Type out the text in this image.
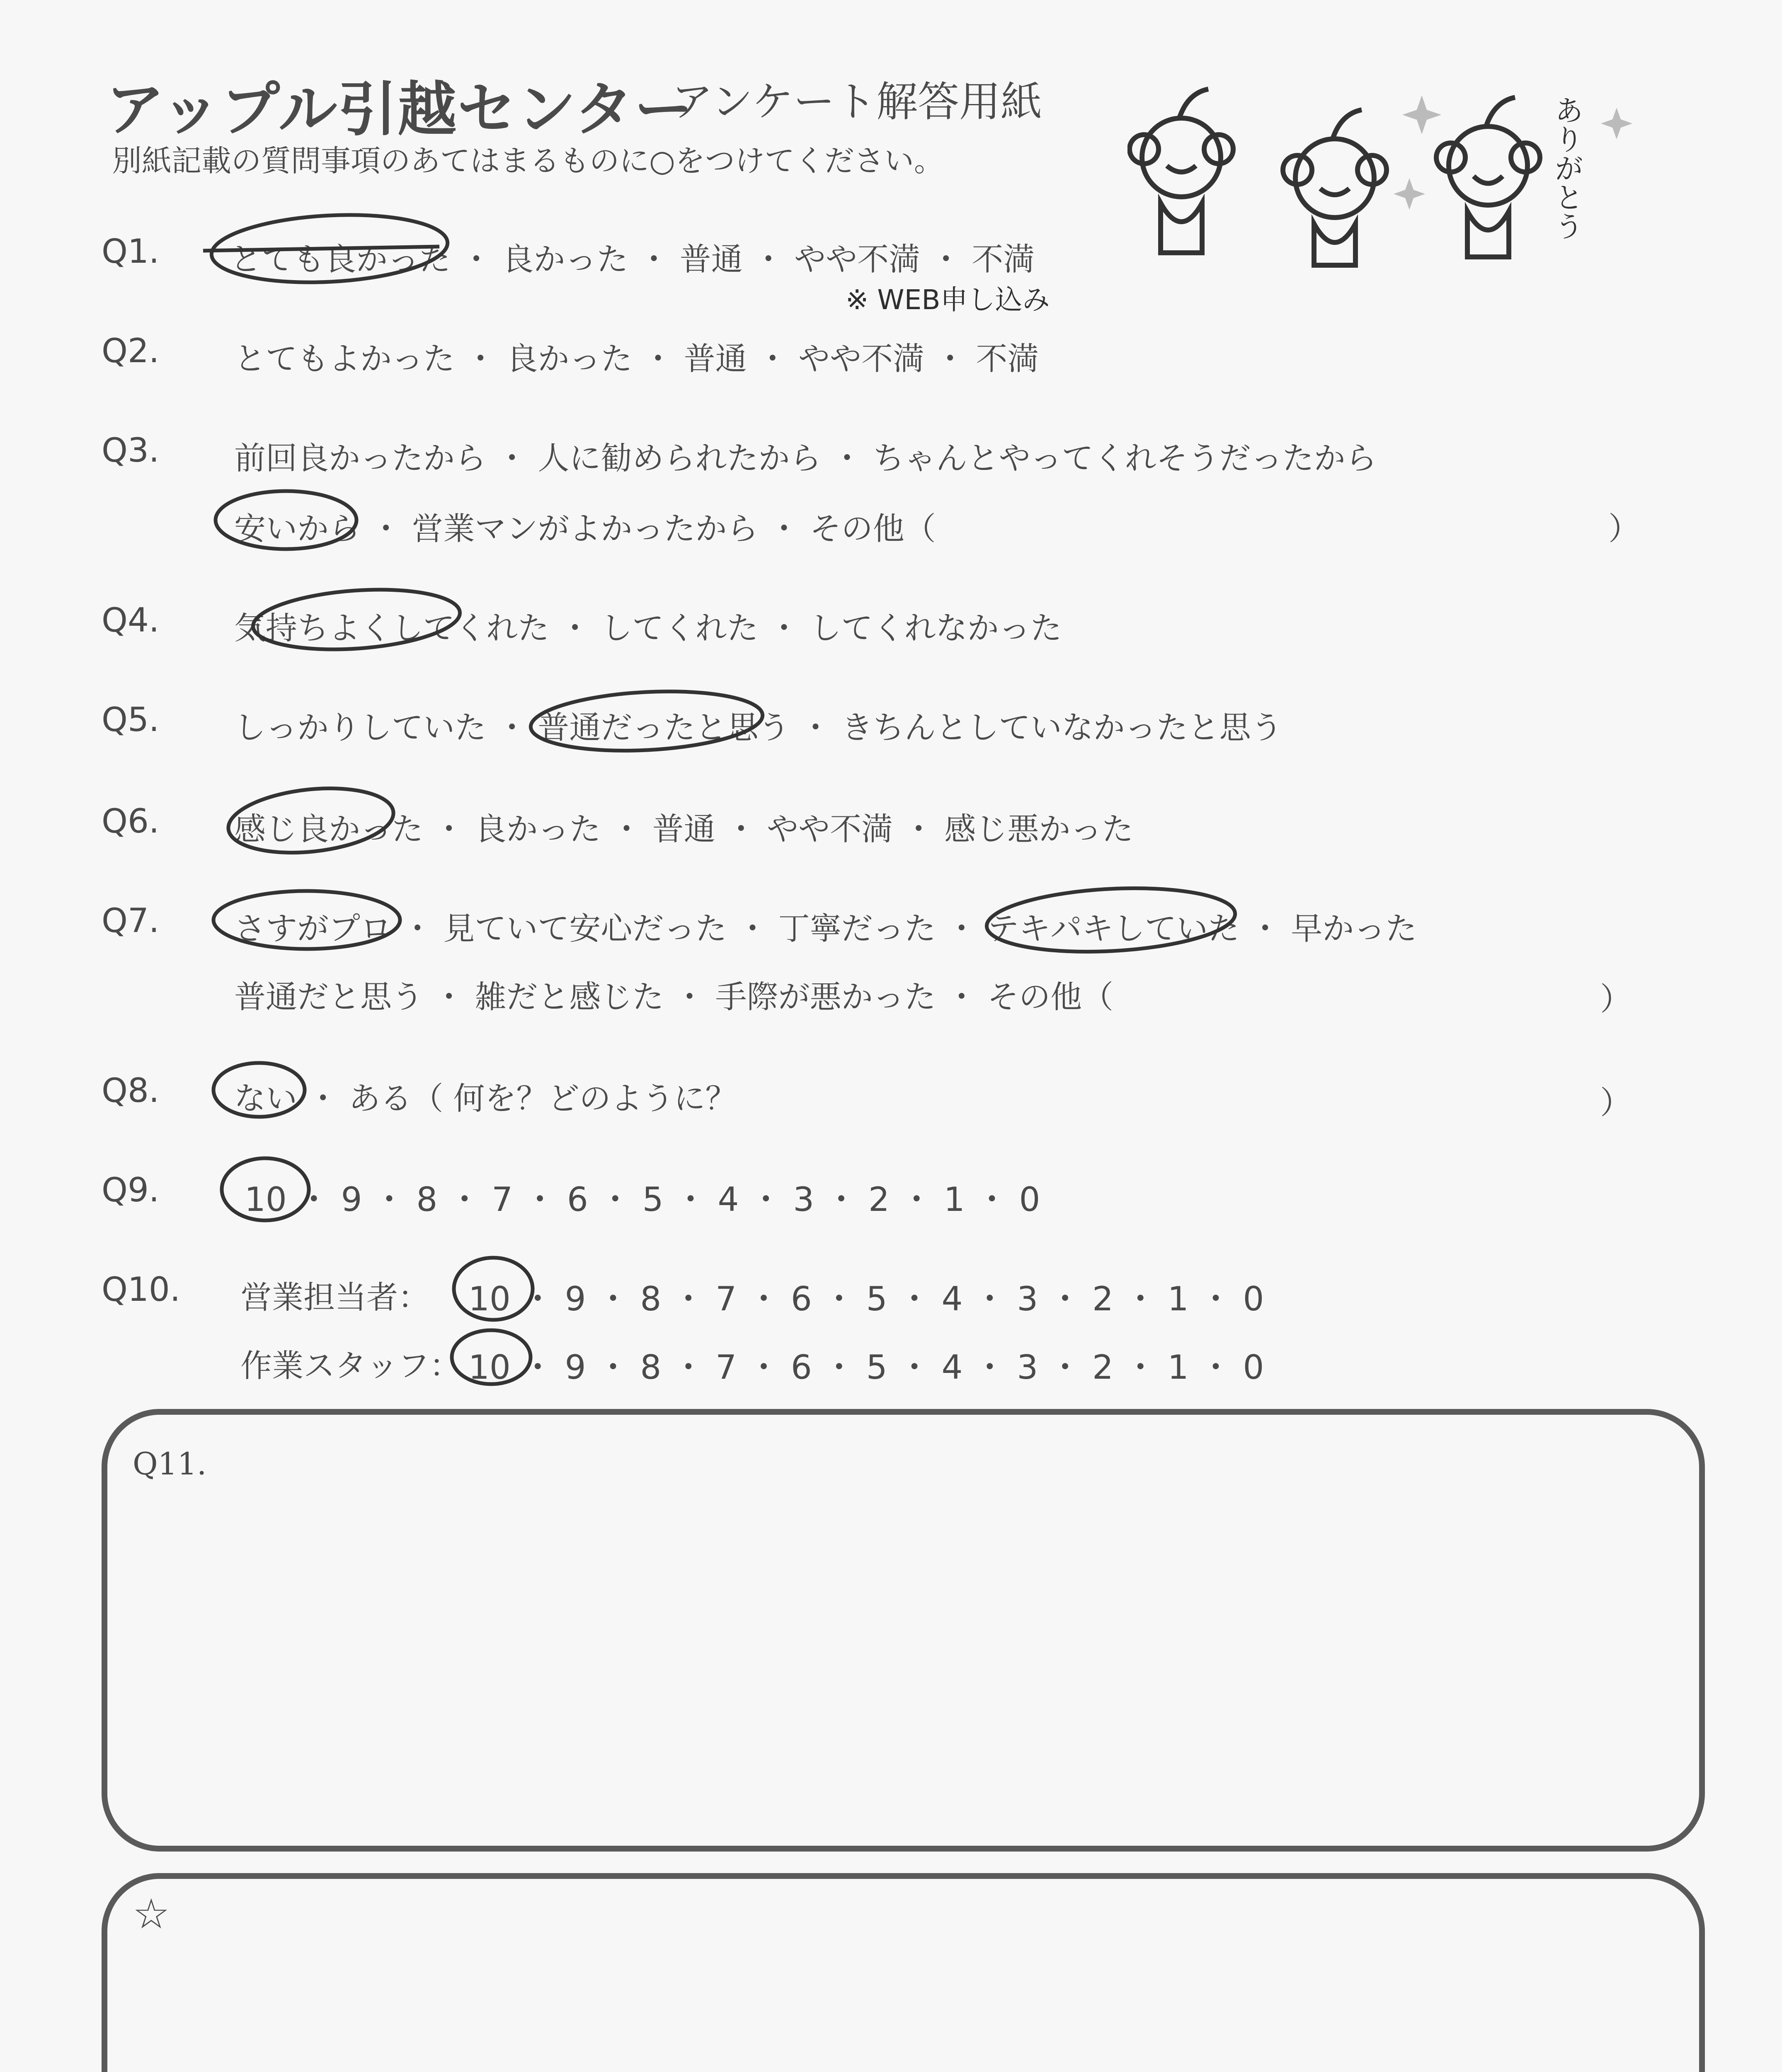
アップル引越センター
アンケート解答用紙
別紙記載の質問事項のあてはまるものに○をつけてください。	ありがとう
Q1. とても良かった ・ 良かった ・ 普通 ・ やや不満 ・ 不満
※ WEB申し込み
Q2. とてもよかった ・ 良かった ・ 普通 ・ やや不満 ・ 不満
Q3. 前回良かったから ・ 人に勧められたから ・ ちゃんとやってくれそうだったから
安いから ・ 営業マンがよかったから ・ その他（	）
Q4. 気持ちよくしてくれた ・ してくれた ・ してくれなかった
Q5. しっかりしていた ・ 普通だったと思う ・ きちんとしていなかったと思う
Q6. 感じ良かった ・ 良かった ・ 普通 ・ やや不満 ・ 感じ悪かった
Q7. さすがプロ ・ 見ていて安心だった ・ 丁寧だった ・ テキパキしていた ・ 早かった
普通だと思う ・ 雑だと感じた ・ 手際が悪かった ・ その他（	）
Q8. ない ・ ある（ 何を？どのように？	）
Q9.	10 ・ 9 ・ 8 ・ 7 ・ 6 ・ 5 ・ 4 ・ 3 ・ 2 ・ 1 ・ 0
Q10. 営業担当者： 10 ・ 9 ・ 8 ・ 7 ・ 6 ・ 5 ・ 4 ・ 3 ・ 2 ・ 1 ・ 0
作業スタッフ： 10 ・ 9 ・ 8 ・ 7 ・ 6 ・ 5 ・ 4 ・ 3 ・ 2 ・ 1 ・ 0
Q11.
☆
